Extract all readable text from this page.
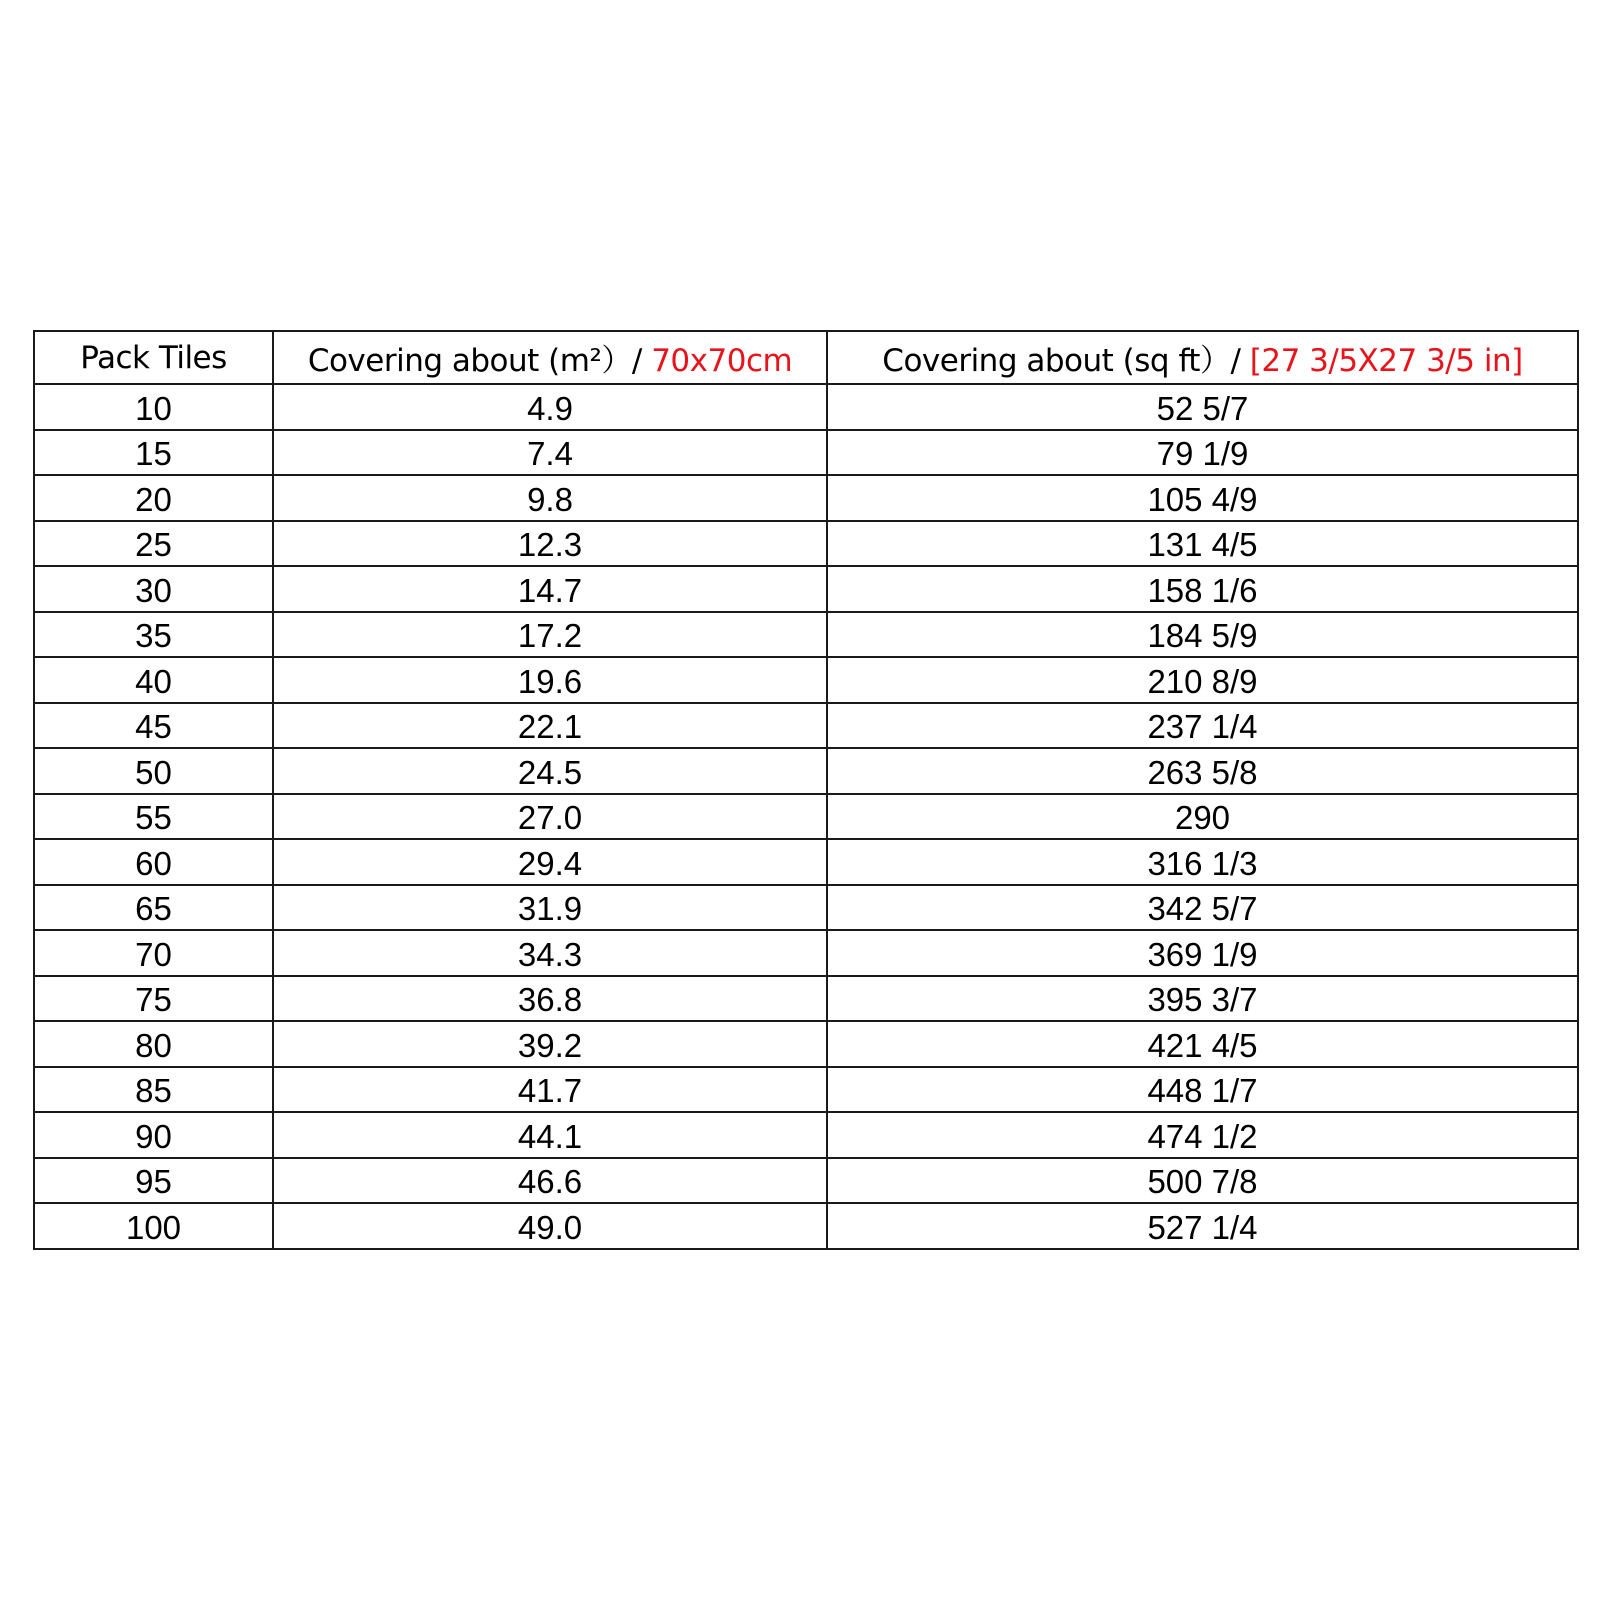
Pack Tiles	Covering about (m²）/ 70x70cm	Covering about (sq ft）/ [27 3/5X27 3/5 in]
10	4.9	52 5/7
15	7.4	79 1/9
20	9.8	105 4/9
25	12.3	131 4/5
30	14.7	158 1/6
35	17.2	184 5/9
40	19.6	210 8/9
45	22.1	237 1/4
50	24.5	263 5/8
55	27.0	290
60	29.4	316 1/3
65	31.9	342 5/7
70	34.3	369 1/9
75	36.8	395 3/7
80	39.2	421 4/5
85	41.7	448 1/7
90	44.1	474 1/2
95	46.6	500 7/8
100	49.0	527 1/4
